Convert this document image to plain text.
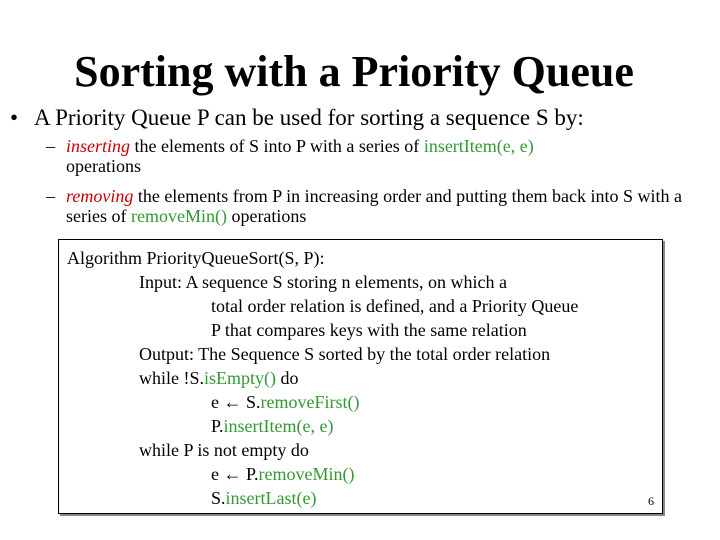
Sorting with a Priority Queue
• A Priority Queue P can be used for sorting a sequence S by:
– inserting the elements of S into P with a series of insertItem(e, e)
operations
– removing the elements from P in increasing order and putting them back into S with a series of removeMin() operations
Algorithm PriorityQueueSort(S, P):
Input: A sequence S storing n elements, on which a
total order relation is defined, and a Priority Queue
P that compares keys with the same relation
Output: The Sequence S sorted by the total order relation
while !S.isEmpty() do
e ← S.removeFirst()
P.insertItem(e, e)
while P is not empty do
e ← P.removeMin()
S.insertLast(e)	6
